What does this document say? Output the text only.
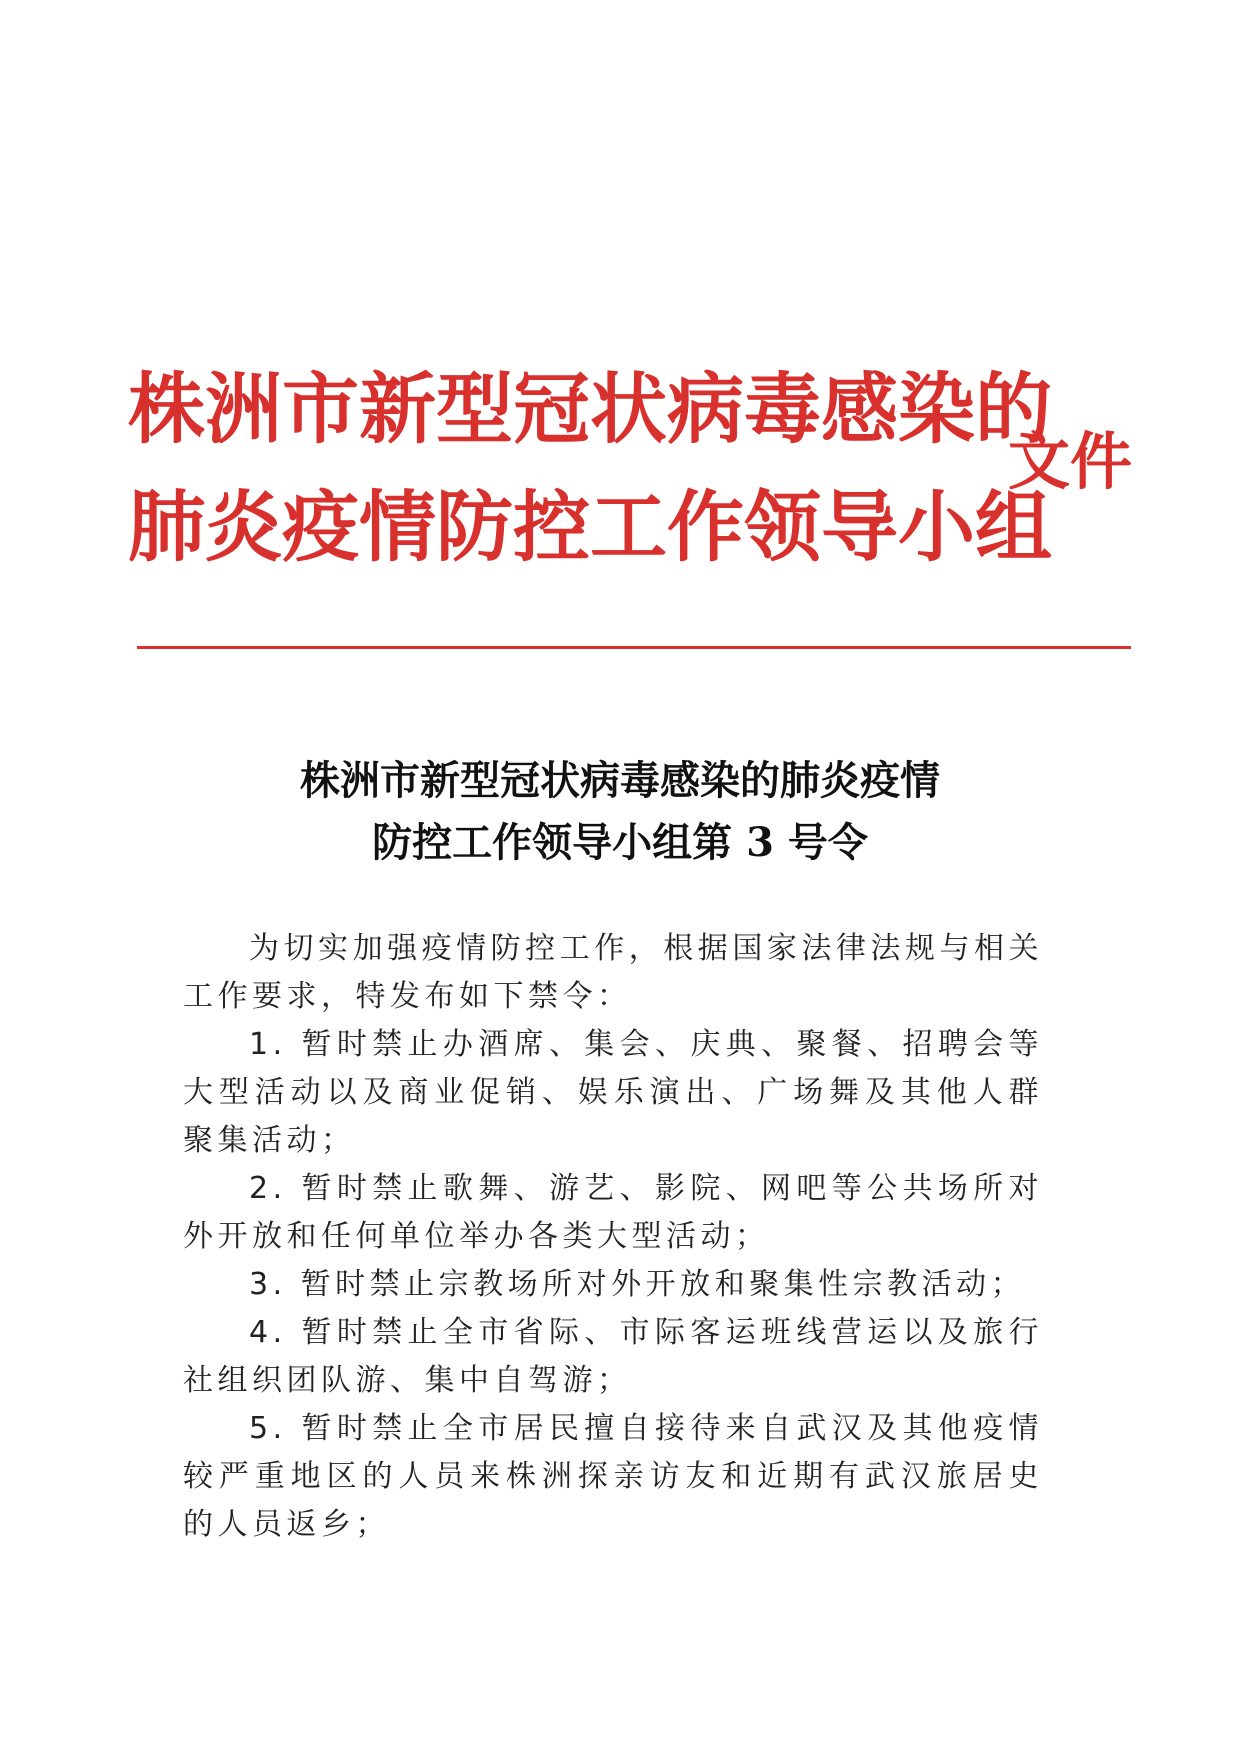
株洲市新型冠状病毒感染的
肺炎疫情防控工作领导小组
文件
株洲市新型冠状病毒感染的肺炎疫情
防控工作领导小组第 3 号令

为切实加强疫情防控工作，根据国家法律法规与相关工作要求，特发布如下禁令：

1. 暂时禁止办酒席、集会、庆典、聚餐、招聘会等大型活动以及商业促销、娱乐演出、广场舞及其他人群聚集活动；

2. 暂时禁止歌舞、游艺、影院、网吧等公共场所对外开放和任何单位举办各类大型活动；

3. 暂时禁止宗教场所对外开放和聚集性宗教活动；

4. 暂时禁止全市省际、市际客运班线营运以及旅行社组织团队游、集中自驾游；

5. 暂时禁止全市居民擅自接待来自武汉及其他疫情较严重地区的人员来株洲探亲访友和近期有武汉旅居史的人员返乡；
